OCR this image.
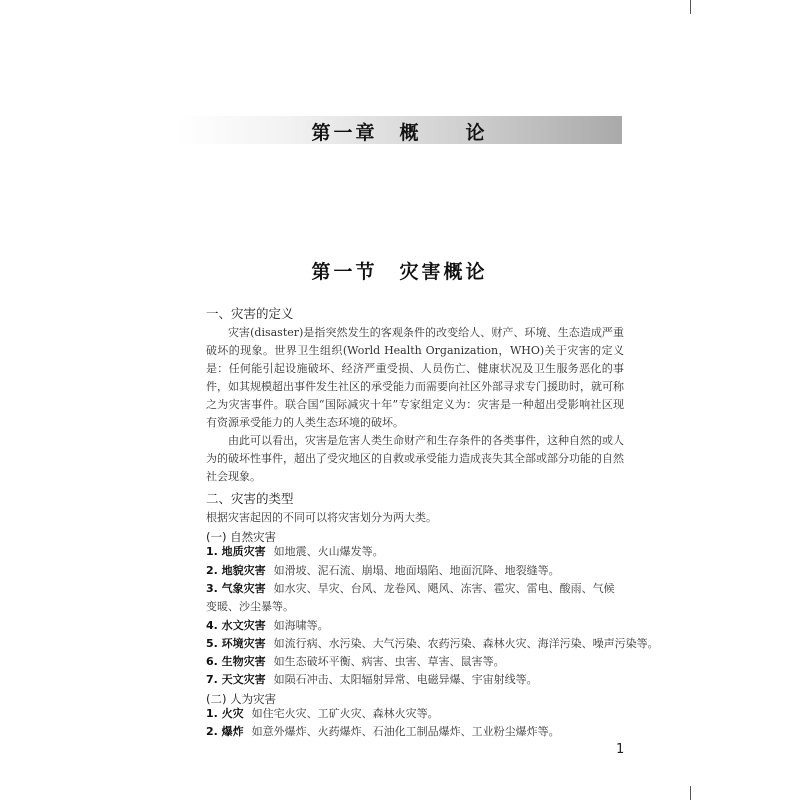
第一章　概　　论
第一节　灾害概论
一、灾害的定义

灾害(disaster)是指突然发生的客观条件的改变给人、财产、环境、生态造成严重破坏的现象。世界卫生组织(World Health Organization，WHO)关于灾害的定义是：任何能引起设施破坏、经济严重受损、人员伤亡、健康状况及卫生服务恶化的事件，如其规模超出事件发生社区的承受能力而需要向社区外部寻求专门援助时，就可称之为灾害事件。联合国“国际减灾十年”专家组定义为：灾害是一种超出受影响社区现有资源承受能力的人类生态环境的破坏。

由此可以看出，灾害是危害人类生命财产和生存条件的各类事件，这种自然的或人为的破坏性事件，超出了受灾地区的自救或承受能力造成丧失其全部或部分功能的自然社会现象。

二、灾害的类型
根据灾害起因的不同可以将灾害划分为两大类。
(一) 自然灾害
1. 地质灾害 如地震、火山爆发等。
2. 地貌灾害 如滑坡、泥石流、崩塌、地面塌陷、地面沉降、地裂缝等。
3. 气象灾害 如水灾、旱灾、台风、龙卷风、飓风、冻害、雹灾、雷电、酸雨、气候变暖、沙尘暴等。
4. 水文灾害 如海啸等。
5. 环境灾害 如流行病、水污染、大气污染、农药污染、森林火灾、海洋污染、噪声污染等。
6. 生物灾害 如生态破坏平衡、病害、虫害、草害、鼠害等。
7. 天文灾害 如陨石冲击、太阳辐射异常、电磁异爆、宇宙射线等。
(二) 人为灾害
1. 火灾 如住宅火灾、工矿火灾、森林火灾等。
2. 爆炸 如意外爆炸、火药爆炸、石油化工制品爆炸、工业粉尘爆炸等。
1
